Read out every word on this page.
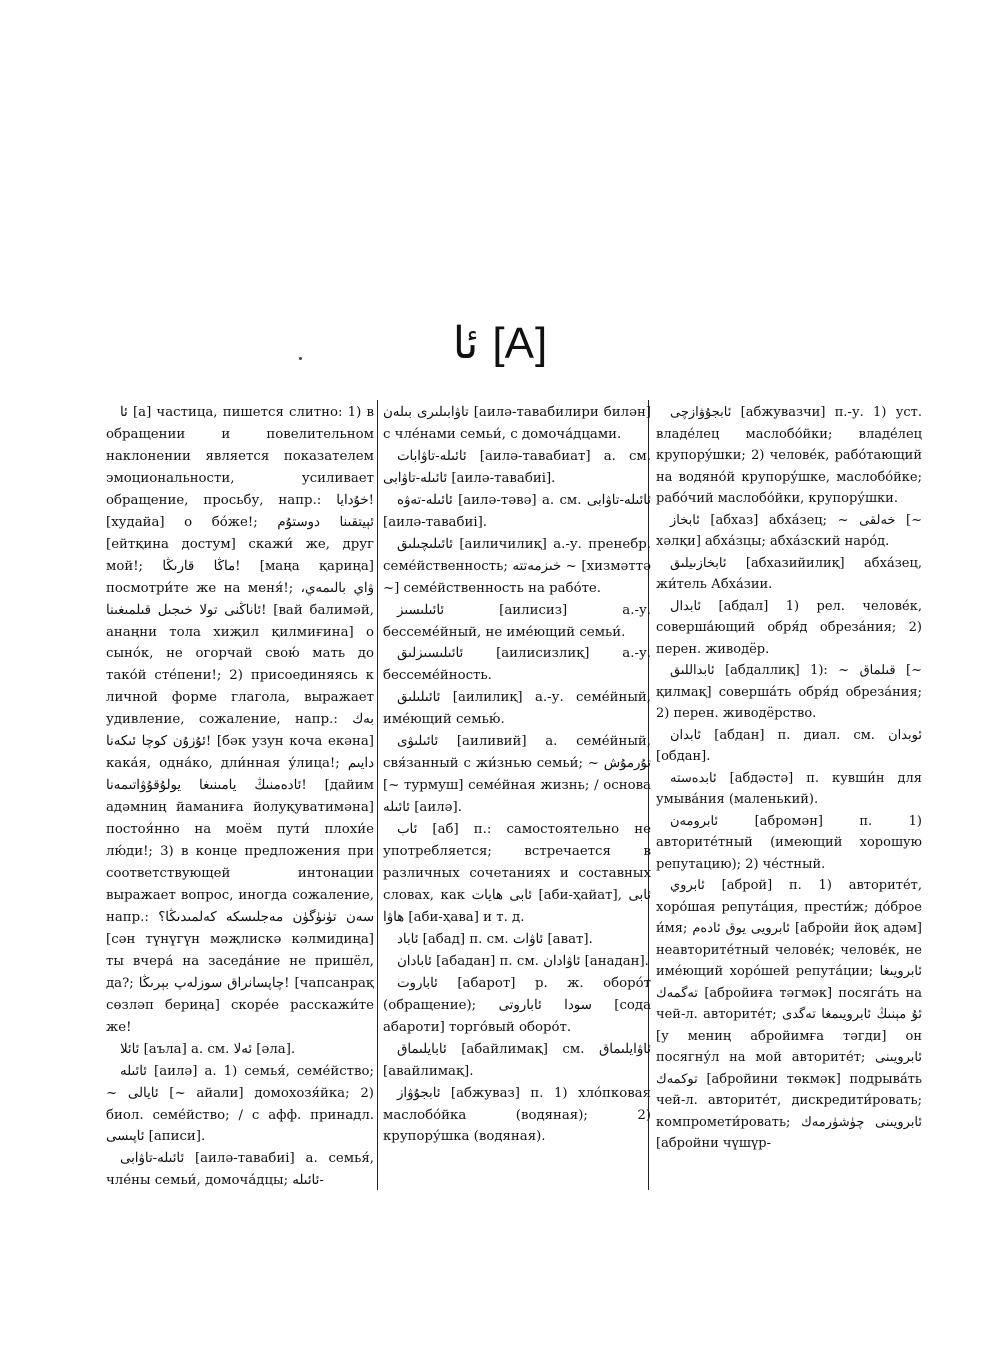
ئا [A]

ئا [а] частица, пишется слитно: 1) в обращении и повелительном наклонении является показателем эмоциональности, усиливает обращение, просьбу, напр.: خۇدايا! [худайа] о бо́же!; ئېيتقىنا دوستۇم [ейтқина достум] скажи́ же, друг мой!; ماڭا قارىڭا! [маңа қариңа] посмотри́те же на меня́!; ۋاي بالىمەي، ئاناڭنى تولا خىجىل قىلمىغىنا! [вай балимәй, анаңни тола хиҗил қилмиғина] о сыно́к, не огорчай свою́ мать до тако́й сте́пени!; 2) присоединяясь к личной форме глагола, выражает удивление, сожаление, напр.: بەك ئۇزۇن كوچا ئىكەنا! [бәк узун коча екәна] кака́я, одна́ко, дли́нная у́лица!; دايىم ئادەمنىڭ يامىنىغا يولۇقۇۋاتىمەنا! [дайим адәмниң йаманиға йолуқуватимәна] постоя́нно на моём пути́ плохи́е лю́ди!; 3) в конце предложения при соответствующей интонации выражает вопрос, иногда сожаление, напр.: سەن تۈنۈگۈن مەجلىسكە كەلمىدىڭا؟ [сән түнүгүн мәҗлискә кәлмидиңа] ты вчера́ на заседа́ние не пришёл, да?; چاپسانراق سوزلەپ بېرىڭا! [чапсанрақ сөзләп бериңа] скоре́е расскажи́те же!

ئائلا [аъла] а. см. ئەلا [әла].

ئائىلە [аилә] а. 1) семья́, семе́йство; ~ ئايالى [~ айали] домохозя́йка; 2) биол. семе́йство; / с афф. принадл. ئاپىسى [аписи].

ئائىلە-تاۋابى [аилә-тавабиі] а. семья́, чле́ны семьи́, домоча́дцы; ئائىلە-

تاۋابىلىرى بىلەن [аилә-тавабилири билән] с чле́нами семьи́, с домоча́дцами.

ئائىلە-تاۋابات [аилә-тавабиат] а. см. ئائىلە-تاۋابى [аилә-тавабиі].

ئائىلە-تەۋە [аилә-тәвә] а. см. ئائىلە-تاۋابى [аилә-тавабиі].

ئائىلىچىلىق [аиличилиқ] а.-у. пренебр. семе́йственность; خىزمەتتە ~ [хизмәттә ~] семе́йственность на рабо́те.

ئائىلىسىز [аилисиз] а.-у. бессеме́йный, не име́ющий семьи́.

ئائىلىسىزلىق [аилисизлиқ] а.-у. бессеме́йность.

ئائىلىلىق [аилилиқ] а.-у. семе́йный, име́ющий семью́.

ئائىلىۋى [аиливий] а. семе́йный, свя́занный с жи́знью семьи́; ~ تۇرمۇش [~ турмуш] семе́йная жизнь; / основа ئائىلە [аилә].

ئاب [аб] п.: самостоятельно не употребляется; встречается в различных сочетаниях и составных словах, как ئابى ھايات [аби-ҳайат], ئابى ھاۋا [аби-ҳава] и т. д.

ئاباد [абад] п. см. ئاۋات [ават].

ئابادان [абадан] п. см. ئاۋادان [анадан].

ئاباروت [абарот] р. ж. оборо́т (обращение); سودا ئاباروتى [сода абароти] торго́вый оборо́т.

ئابايلىماق [абайлимақ] см. ئاۋايلىماق [авайлимақ].

ئابجۇۋاز [абжуваз] п. 1) хло́пковая маслобо́йка (водяная); 2) крупору́шка (водяная).

ئابجۇۋازچى [абжувазчи] п.-у. 1) уст. владе́лец маслобо́йки; владе́лец крупору́шки; 2) челове́к, рабо́тающий на водяно́й крупору́шке, маслобо́йке; рабо́чий маслобо́йки, крупору́шки.

ئابخاز [абхаз] абха́зец; ~ خەلقى [~ хәлқи] абха́зцы; абха́зский наро́д.

ئابخازىيلىق [абхазийилиқ] абха́зец, жи́тель Абха́зии.

ئابدال [абдал] 1) рел. челове́к, соверша́ющий обря́д обреза́ния; 2) перен. живодёр.

ئابداللىق [абдаллиқ] 1): ~ قىلماق [~ қилмақ] соверша́ть обря́д обреза́ния; 2) перен. живодёрство.

ئابدان [абдан] п. диал. см. ئوبدان [обдан].

ئابدەستە [абдәстә] п. кувши́н для умыва́ния (маленький).

ئابرومەن [абромән] п. 1) авторите́тный (имеющий хорошую репутацию); 2) че́стный.

ئابروي [аброй] п. 1) авторите́т, хоро́шая репута́ция, прести́ж; до́брое и́мя; ئابرويى يوق ئادەم [абройи йоқ адәм] неавторите́тный челове́к; челове́к, не име́ющий хоро́шей репута́ции; ئابرويىغا تەگمەك [абройиға тәгмәк] посяга́ть на чей-л. авторите́т; ئۇ مېنىڭ ئابرويىمغا تەگدى [у мениң абройимға тәгди] он посягну́л на мой авторите́т; ئابرويىنى توكمەك [абройини төкмәк] подрыва́ть чей-л. авторите́т, дискредити́ровать; компромети́ровать; ئابرويىنى چۈشۈرمەك [абройни чүшүр-
